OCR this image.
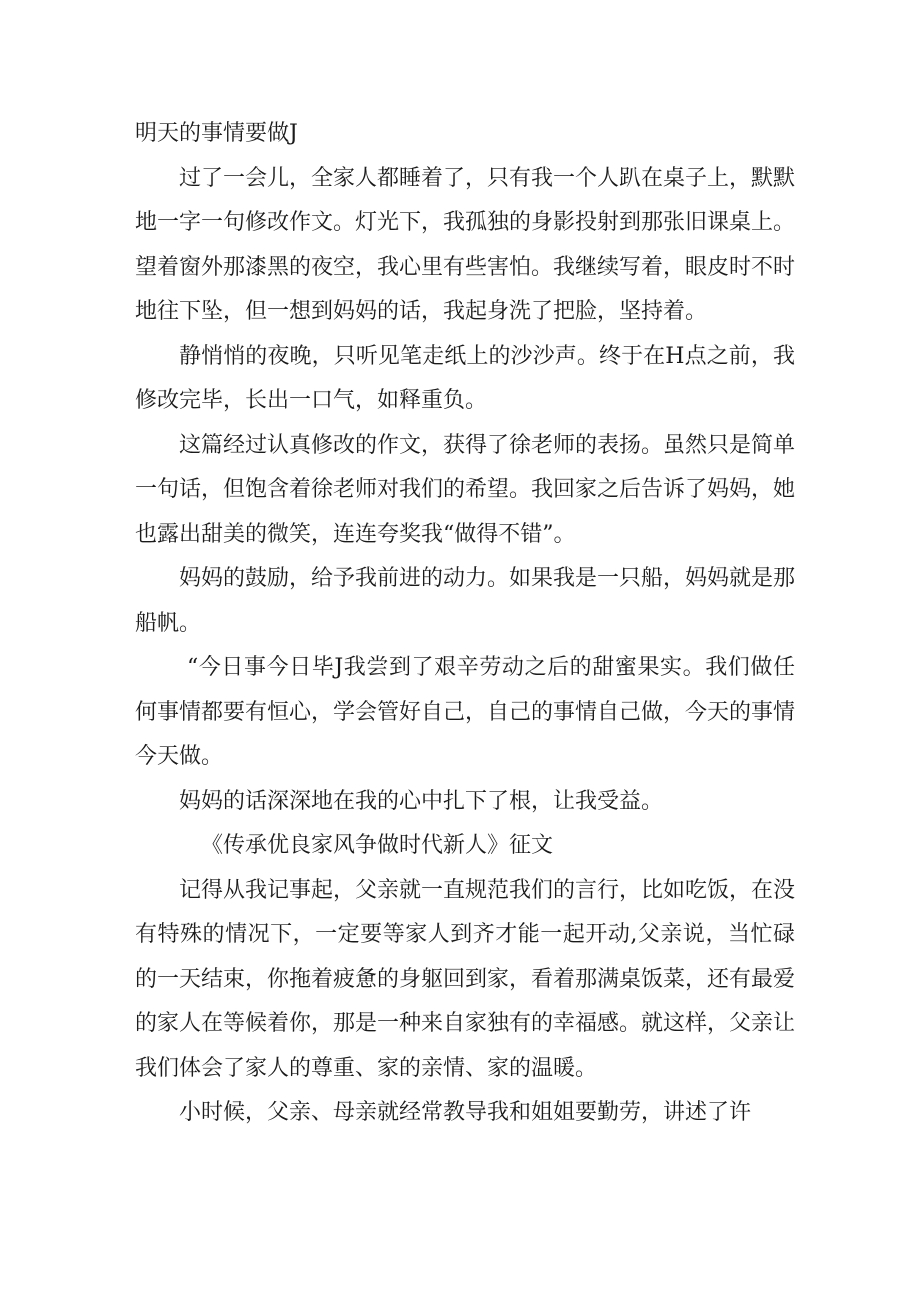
明天的事情要做J

过了一会儿，全家人都睡着了，只有我一个人趴在桌子上，默默地一字一句修改作文。灯光下，我孤独的身影投射到那张旧课桌上。望着窗外那漆黑的夜空，我心里有些害怕。我继续写着，眼皮时不时地往下坠，但一想到妈妈的话，我起身洗了把脸，坚持着。

静悄悄的夜晚，只听见笔走纸上的沙沙声。终于在H点之前，我修改完毕，长出一口气，如释重负。

这篇经过认真修改的作文，获得了徐老师的表扬。虽然只是简单一句话，但饱含着徐老师对我们的希望。我回家之后告诉了妈妈，她也露出甜美的微笑，连连夸奖我“做得不错”。

妈妈的鼓励，给予我前进的动力。如果我是一只船，妈妈就是那船帆。

“今日事今日毕J我尝到了艰辛劳动之后的甜蜜果实。我们做任何事情都要有恒心，学会管好自己，自己的事情自己做，今天的事情今天做。

妈妈的话深深地在我的心中扎下了根，让我受益。

《传承优良家风争做时代新人》征文

记得从我记事起，父亲就一直规范我们的言行，比如吃饭，在没有特殊的情况下，一定要等家人到齐才能一起开动,父亲说，当忙碌的一天结束，你拖着疲惫的身躯回到家，看着那满桌饭菜，还有最爱的家人在等候着你，那是一种来自家独有的幸福感。就这样，父亲让我们体会了家人的尊重、家的亲情、家的温暖。

小时候，父亲、母亲就经常教导我和姐姐要勤劳，讲述了许
